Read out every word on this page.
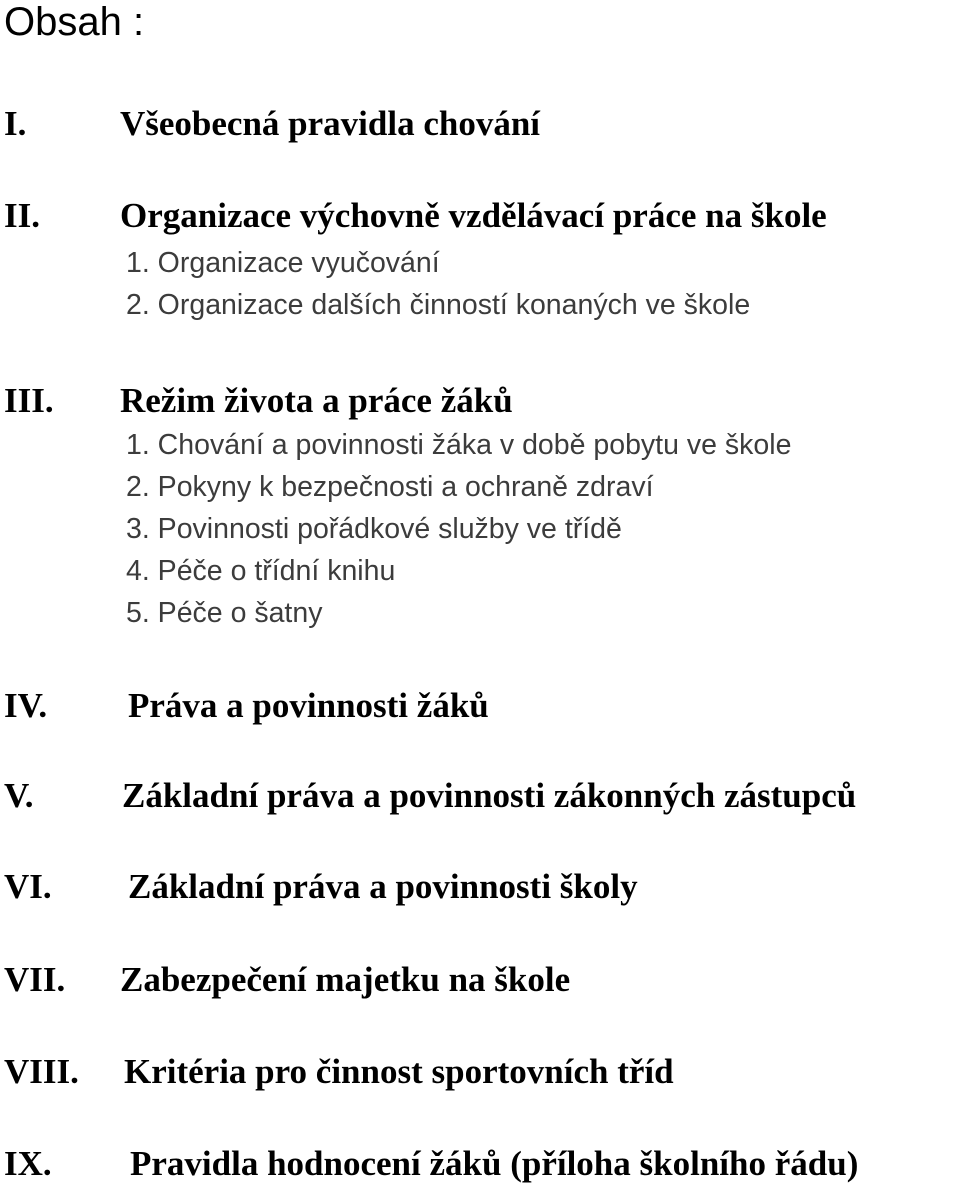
Obsah :
I.	Všeobecná pravidla chování
II. Organizace výchovně vzdělávací práce na škole
1. Organizace vyučování
2. Organizace dalších činností konaných ve škole
III. Režim života a práce žáků
1. Chování a povinnosti žáka v době pobytu ve škole
2. Pokyny k bezpečnosti a ochraně zdraví
3. Povinnosti pořádkové služby ve třídě
4. Péče o třídní knihu
5. Péče o šatny
IV. Práva a povinnosti žáků
V.	Základní práva a povinnosti zákonných zástupců
VI. Základní práva a povinnosti školy
VII. Zabezpečení majetku na škole
VIII. Kritéria pro činnost sportovních tříd
IX. Pravidla hodnocení žáků (příloha školního řádu)
